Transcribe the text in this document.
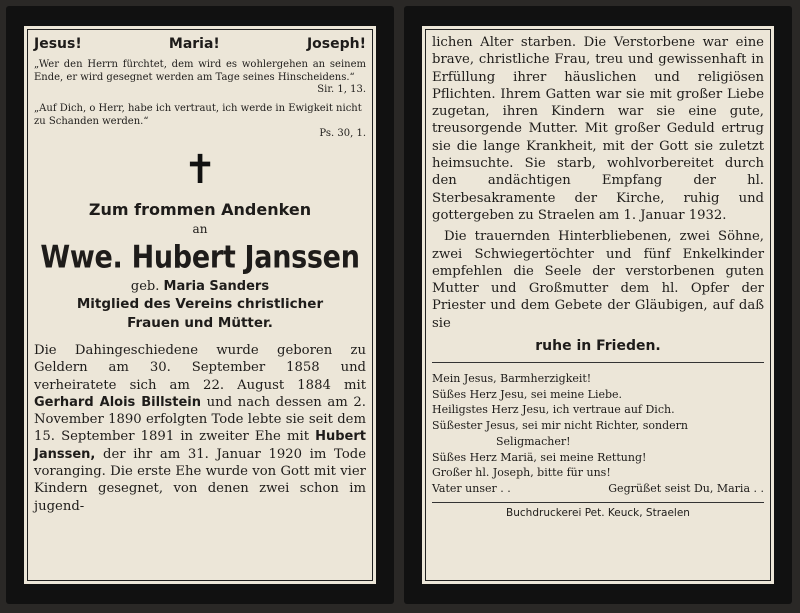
Jesus!	Maria!	Joseph!
„Wer den Herrn fürchtet, dem wird es wohlergehen an seinem Ende, er wird gesegnet werden am Tage seines Hinscheidens.“
Sir. 1, 13.
„Auf Dich, o Herr, habe ich vertraut, ich werde in Ewigkeit nicht zu Schanden werden.“
Ps. 30, 1.
✝
Zum frommen Andenken
an
Wwe. Hubert Janssen
geb. Maria Sanders
Mitglied des Vereins christlicher
Frauen und Mütter.
Die Dahingeschiedene wurde geboren zu Geldern am 30. September 1858 und verheiratete sich am 22. August 1884 mit Gerhard Alois Billstein und nach dessen am 2. November 1890 erfolgten Tode lebte sie seit dem 15. September 1891 in zweiter Ehe mit Hubert Janssen, der ihr am 31. Januar 1920 im Tode voranging. Die erste Ehe wurde von Gott mit vier Kindern gesegnet, von denen zwei schon im jugend-
lichen Alter starben. Die Verstorbene war eine brave, christliche Frau, treu und gewissenhaft in Erfüllung ihrer häuslichen und religiösen Pflichten. Ihrem Gatten war sie mit großer Liebe zugetan, ihren Kindern war sie eine gute, treusorgende Mutter. Mit großer Geduld ertrug sie die lange Krankheit, mit der Gott sie zuletzt heimsuchte. Sie starb, wohlvorbereitet durch den andächtigen Empfang der hl. Sterbesakramente der Kirche, ruhig und gottergeben zu Straelen am 1. Januar 1932.
Die trauernden Hinterbliebenen, zwei Söhne, zwei Schwiegertöchter und fünf Enkelkinder empfehlen die Seele der verstorbenen guten Mutter und Großmutter dem hl. Opfer der Priester und dem Gebete der Gläubigen, auf daß sie
ruhe in Frieden.
Mein Jesus, Barmherzigkeit!
Süßes Herz Jesu, sei meine Liebe.
Heiligstes Herz Jesu, ich vertraue auf Dich.
Süßester Jesus, sei mir nicht Richter, sondern
Seligmacher!
Süßes Herz Mariä, sei meine Rettung!
Großer hl. Joseph, bitte für uns!
Vater unser . .	Gegrüßet seist Du, Maria . .
Buchdruckerei Pet. Keuck, Straelen
